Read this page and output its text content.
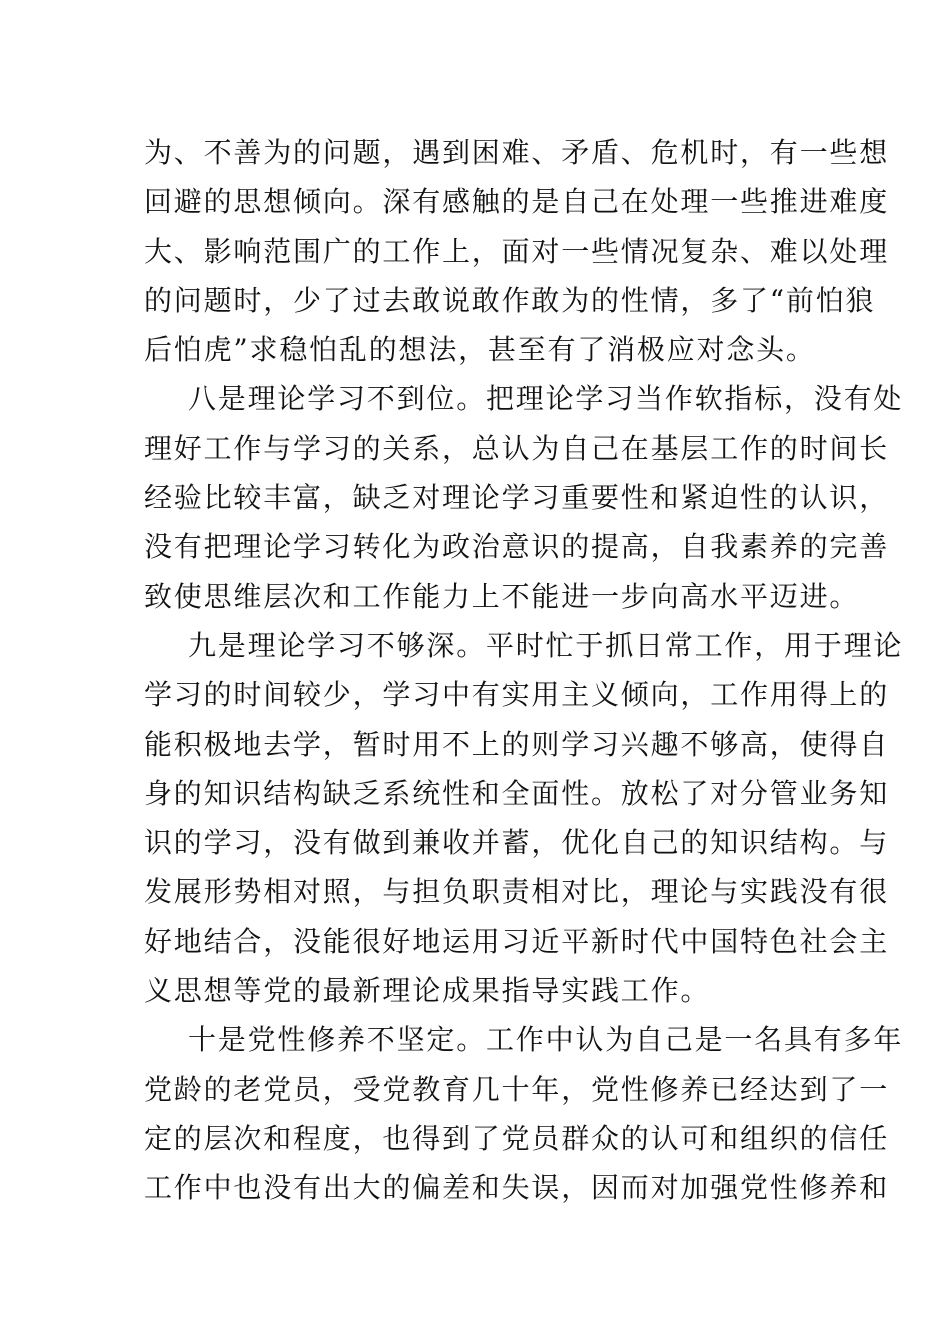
为、不善为的问题，遇到困难、矛盾、危机时，有一些想
回避的思想倾向。深有感触的是自己在处理一些推进难度
大、影响范围广的工作上，面对一些情况复杂、难以处理
的问题时，少了过去敢说敢作敢为的性情，多了“前怕狼
后怕虎”求稳怕乱的想法，甚至有了消极应对念头。
八是理论学习不到位。把理论学习当作软指标，没有处
理好工作与学习的关系，总认为自己在基层工作的时间长
经验比较丰富，缺乏对理论学习重要性和紧迫性的认识，
没有把理论学习转化为政治意识的提高，自我素养的完善
致使思维层次和工作能力上不能进一步向高水平迈进。
九是理论学习不够深。平时忙于抓日常工作，用于理论
学习的时间较少，学习中有实用主义倾向，工作用得上的
能积极地去学，暂时用不上的则学习兴趣不够高，使得自
身的知识结构缺乏系统性和全面性。放松了对分管业务知
识的学习，没有做到兼收并蓄，优化自己的知识结构。与
发展形势相对照，与担负职责相对比，理论与实践没有很
好地结合，没能很好地运用习近平新时代中国特色社会主
义思想等党的最新理论成果指导实践工作。
十是党性修养不坚定。工作中认为自己是一名具有多年
党龄的老党员，受党教育几十年，党性修养已经达到了一
定的层次和程度，也得到了党员群众的认可和组织的信任
工作中也没有出大的偏差和失误，因而对加强党性修养和
